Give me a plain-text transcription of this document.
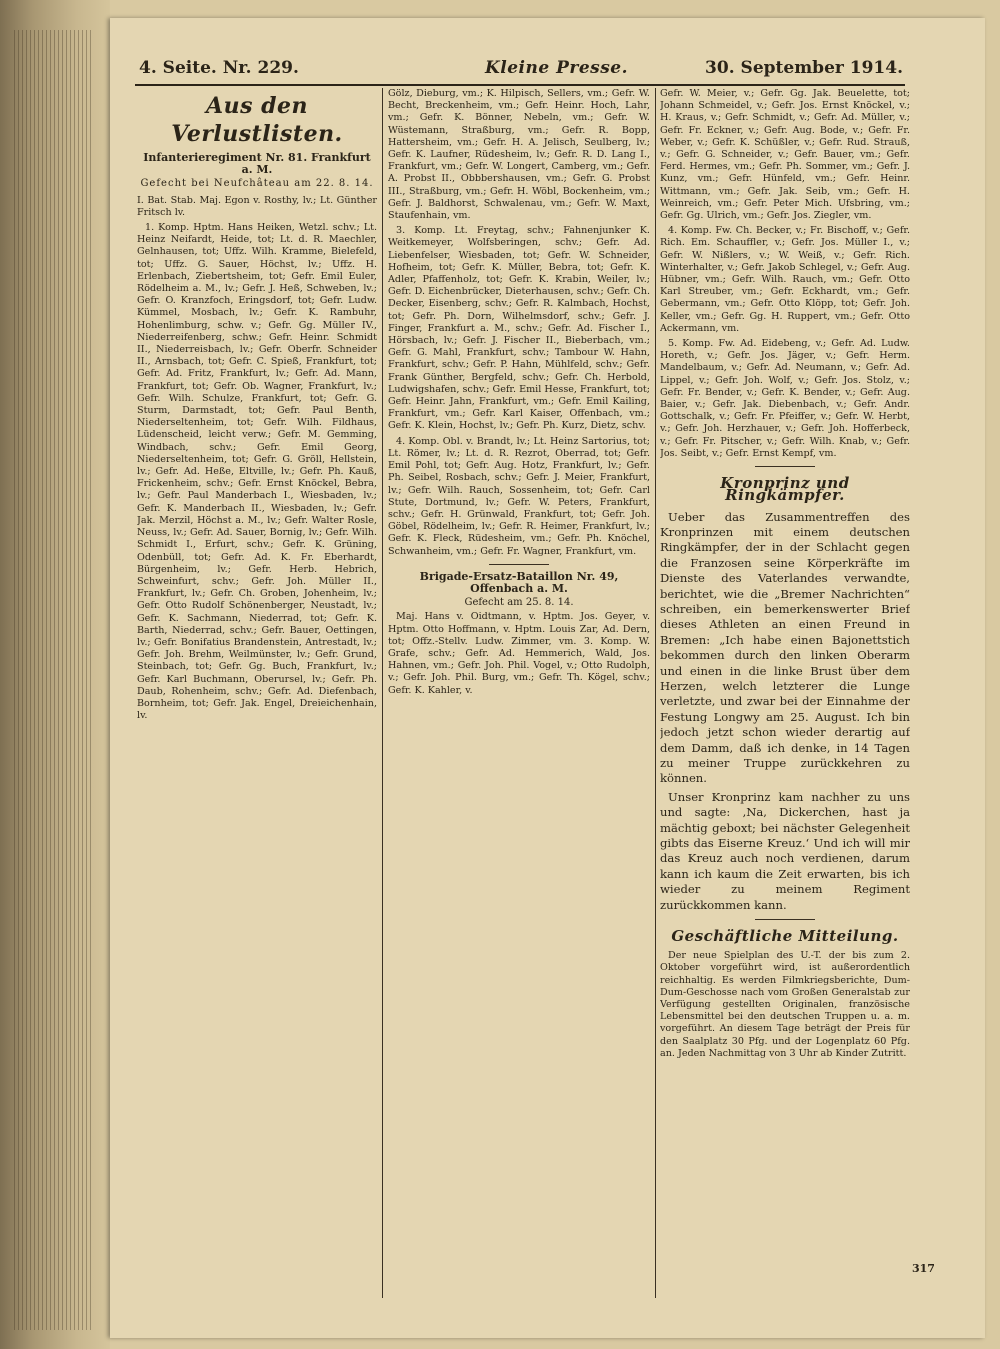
4. Seite. Nr. 229.	Kleine Presse.	30. September 1914.
Aus den Verlustlisten.
Infanterieregiment Nr. 81. Frankfurt a. M.
Gefecht bei Neufchâteau am 22. 8. 14.

I. Bat. Stab. Maj. Egon v. Rosthy, lv.; Lt. Günther Fritsch lv.

1. Komp. Hptm. Hans Heiken, Wetzl. schv.; Lt. Heinz Neifardt, Heide, tot; Lt. d. R. Maechler, Gelnhausen, tot; Uffz. Wilh. Kramme, Bielefeld, tot; Uffz. G. Sauer, Höchst, lv.; Uffz. H. Erlenbach, Ziebertsheim, tot; Gefr. Emil Euler, Rödelheim a. M., lv.; Gefr. J. Heß, Schweben, lv.; Gefr. O. Kranzfoch, Eringsdorf, tot; Gefr. Ludw. Kümmel, Mosbach, lv.; Gefr. K. Rambuhr, Hohenlimburg, schw. v.; Gefr. Gg. Müller IV., Niederreifenberg, schw.; Gefr. Heinr. Schmidt II., Niederreisbach, lv.; Gefr. Oberfr. Schneider II., Arnsbach, tot; Gefr. C. Spieß, Frankfurt, tot; Gefr. Ad. Fritz, Frankfurt, lv.; Gefr. Ad. Mann, Frankfurt, tot; Gefr. Ob. Wagner, Frankfurt, lv.; Gefr. Wilh. Schulze, Frankfurt, tot; Gefr. G. Sturm, Darmstadt, tot; Gefr. Paul Benth, Niederseltenheim, tot; Gefr. Wilh. Fildhaus, Lüdenscheid, leicht verw.; Gefr. M. Gemming, Windbach, schv.; Gefr. Emil Georg, Niederseltenheim, tot; Gefr. G. Gröll, Hellstein, lv.; Gefr. Ad. Heße, Eltville, lv.; Gefr. Ph. Kauß, Frickenheim, schv.; Gefr. Ernst Knöckel, Bebra, lv.; Gefr. Paul Manderbach I., Wiesbaden, lv.; Gefr. K. Manderbach II., Wiesbaden, lv.; Gefr. Jak. Merzil, Höchst a. M., lv.; Gefr. Walter Rosle, Neuss, lv.; Gefr. Ad. Sauer, Bornig, lv.; Gefr. Wilh. Schmidt I., Erfurt, schv.; Gefr. K. Grüning, Odenbüll, tot; Gefr. Ad. K. Fr. Eberhardt, Bürgenheim, lv.; Gefr. Herb. Hebrich, Schweinfurt, schv.; Gefr. Joh. Müller II., Frankfurt, lv.; Gefr. Ch. Groben, Johenheim, lv.; Gefr. Otto Rudolf Schönenberger, Neustadt, lv.; Gefr. K. Sachmann, Niederrad, tot; Gefr. K. Barth, Niederrad, schv.; Gefr. Bauer, Oettingen, lv.; Gefr. Bonifatius Brandenstein, Antrestadt, lv.; Gefr. Joh. Brehm, Weilmünster, lv.; Gefr. Grund, Steinbach, tot; Gefr. Gg. Buch, Frankfurt, lv.; Gefr. Karl Buchmann, Oberursel, lv.; Gefr. Ph. Daub, Rohenheim, schv.; Gefr. Ad. Diefenbach, Bornheim, tot; Gefr. Jak. Engel, Dreieichenhain, lv.

Gölz, Dieburg, vm.; K. Hilpisch, Sellers, vm.; Gefr. W. Becht, Breckenheim, vm.; Gefr. Heinr. Hoch, Lahr, vm.; Gefr. K. Bönner, Nebeln, vm.; Gefr. W. Wüstemann, Straßburg, vm.; Gefr. R. Bopp, Hattersheim, vm.; Gefr. H. A. Jelisch, Seulberg, lv.; Gefr. K. Laufner, Rüdesheim, lv.; Gefr. R. D. Lang I., Frankfurt, vm.; Gefr. W. Longert, Camberg, vm.; Gefr. A. Probst II., Obbbershausen, vm.; Gefr. G. Probst III., Straßburg, vm.; Gefr. H. Wöbl, Bockenheim, vm.; Gefr. J. Baldhorst, Schwalenau, vm.; Gefr. W. Maxt, Staufenhain, vm.

3. Komp. Lt. Freytag, schv.; Fahnenjunker K. Weitkemeyer, Wolfsberingen, schv.; Gefr. Ad. Liebenfelser, Wiesbaden, tot; Gefr. W. Schneider, Hofheim, tot; Gefr. K. Müller, Bebra, tot; Gefr. K. Adler, Pfaffenholz, tot; Gefr. K. Krabin, Weiler, lv.; Gefr. D. Eichenbrücker, Dieterhausen, schv.; Gefr. Ch. Decker, Eisenberg, schv.; Gefr. R. Kalmbach, Hochst, tot; Gefr. Ph. Dorn, Wilhelmsdorf, schv.; Gefr. J. Finger, Frankfurt a. M., schv.; Gefr. Ad. Fischer I., Hörsbach, lv.; Gefr. J. Fischer II., Bieberbach, vm.; Gefr. G. Mahl, Frankfurt, schv.; Tambour W. Hahn, Frankfurt, schv.; Gefr. P. Hahn, Mühlfeld, schv.; Gefr. Frank Günther, Bergfeld, schv.; Gefr. Ch. Herbold, Ludwigshafen, schv.; Gefr. Emil Hesse, Frankfurt, tot; Gefr. Heinr. Jahn, Frankfurt, vm.; Gefr. Emil Kailing, Frankfurt, vm.; Gefr. Karl Kaiser, Offenbach, vm.; Gefr. K. Klein, Hochst, lv.; Gefr. Ph. Kurz, Dietz, schv.

4. Komp. Obl. v. Brandt, lv.; Lt. Heinz Sartorius, tot; Lt. Römer, lv.; Lt. d. R. Rezrot, Oberrad, tot; Gefr. Emil Pohl, tot; Gefr. Aug. Hotz, Frankfurt, lv.; Gefr. Ph. Seibel, Rosbach, schv.; Gefr. J. Meier, Frankfurt, lv.; Gefr. Wilh. Rauch, Sossenheim, tot; Gefr. Carl Stute, Dortmund, lv.; Gefr. W. Peters, Frankfurt, schv.; Gefr. H. Grünwald, Frankfurt, tot; Gefr. Joh. Göbel, Rödelheim, lv.; Gefr. R. Heimer, Frankfurt, lv.; Gefr. K. Fleck, Rüdesheim, vm.; Gefr. Ph. Knöchel, Schwanheim, vm.; Gefr. Fr. Wagner, Frankfurt, vm.

Brigade-Ersatz-Bataillon Nr. 49, Offenbach a. M.
Gefecht am 25. 8. 14.

Maj. Hans v. Oidtmann, v. Hptm. Jos. Geyer, v. Hptm. Otto Hoffmann, v. Hptm. Louis Zar, Ad. Dern, tot; Offz.-Stellv. Ludw. Zimmer, vm. 3. Komp. W. Grafe, schv.; Gefr. Ad. Hemmerich, Wald, Jos. Hahnen, vm.; Gefr. Joh. Phil. Vogel, v.; Otto Rudolph, v.; Gefr. Joh. Phil. Burg, vm.; Gefr. Th. Kögel, schv.; Gefr. K. Kahler, v.

Gefr. W. Meier, v.; Gefr. Gg. Jak. Beuelette, tot; Johann Schmeidel, v.; Gefr. Jos. Ernst Knöckel, v.; H. Kraus, v.; Gefr. Schmidt, v.; Gefr. Ad. Müller, v.; Gefr. Fr. Eckner, v.; Gefr. Aug. Bode, v.; Gefr. Fr. Weber, v.; Gefr. K. Schüßler, v.; Gefr. Rud. Strauß, v.; Gefr. G. Schneider, v.; Gefr. Bauer, vm.; Gefr. Ferd. Hermes, vm.; Gefr. Ph. Sommer, vm.; Gefr. J. Kunz, vm.; Gefr. Hünfeld, vm.; Gefr. Heinr. Wittmann, vm.; Gefr. Jak. Seib, vm.; Gefr. H. Weinreich, vm.; Gefr. Peter Mich. Ufsbring, vm.; Gefr. Gg. Ulrich, vm.; Gefr. Jos. Ziegler, vm.

4. Komp. Fw. Ch. Becker, v.; Fr. Bischoff, v.; Gefr. Rich. Em. Schauffler, v.; Gefr. Jos. Müller I., v.; Gefr. W. Nißlers, v.; W. Weiß, v.; Gefr. Rich. Winterhalter, v.; Gefr. Jakob Schlegel, v.; Gefr. Aug. Hübner, vm.; Gefr. Wilh. Rauch, vm.; Gefr. Otto Karl Streuber, vm.; Gefr. Eckhardt, vm.; Gefr. Gebermann, vm.; Gefr. Otto Klöpp, tot; Gefr. Joh. Keller, vm.; Gefr. Gg. H. Ruppert, vm.; Gefr. Otto Ackermann, vm.

5. Komp. Fw. Ad. Eidebeng, v.; Gefr. Ad. Ludw. Horeth, v.; Gefr. Jos. Jäger, v.; Gefr. Herm. Mandelbaum, v.; Gefr. Ad. Neumann, v.; Gefr. Ad. Lippel, v.; Gefr. Joh. Wolf, v.; Gefr. Jos. Stolz, v.; Gefr. Fr. Bender, v.; Gefr. K. Bender, v.; Gefr. Aug. Baier, v.; Gefr. Jak. Diebenbach, v.; Gefr. Andr. Gottschalk, v.; Gefr. Fr. Pfeiffer, v.; Gefr. W. Herbt, v.; Gefr. Joh. Herzhauer, v.; Gefr. Joh. Hofferbeck, v.; Gefr. Fr. Pitscher, v.; Gefr. Wilh. Knab, v.; Gefr. Jos. Seibt, v.; Gefr. Ernst Kempf, vm.

Kronprinz und Ringkämpfer.

Ueber das Zusammentreffen des Kronprinzen mit einem deutschen Ringkämpfer, der in der Schlacht gegen die Franzosen seine Körperkräfte im Dienste des Vaterlandes verwandte, berichtet, wie die „Bremer Nachrichten“ schreiben, ein bemerkenswerter Brief dieses Athleten an einen Freund in Bremen: „Ich habe einen Bajonettstich bekommen durch den linken Oberarm und einen in die linke Brust über dem Herzen, welch letzterer die Lunge verletzte, und zwar bei der Einnahme der Festung Longwy am 25. August. Ich bin jedoch jetzt schon wieder derartig auf dem Damm, daß ich denke, in 14 Tagen zu meiner Truppe zurückkehren zu können.

Unser Kronprinz kam nachher zu uns und sagte: ‚Na, Dickerchen, hast ja mächtig geboxt; bei nächster Gelegenheit gibts das Eiserne Kreuz.‘ Und ich will mir das Kreuz auch noch verdienen, darum kann ich kaum die Zeit erwarten, bis ich wieder zu meinem Regiment zurückkommen kann.

Geschäftliche Mitteilung.

Der neue Spielplan des U.-T. der bis zum 2. Oktober vorgeführt wird, ist außerordentlich reichhaltig. Es werden Filmkriegsberichte, Dum-Dum-Geschosse nach vom Großen Generalstab zur Verfügung gestellten Originalen, französische Lebensmittel bei den deutschen Truppen u. a. m. vorgeführt. An diesem Tage beträgt der Preis für den Saalplatz 30 Pfg. und der Logenplatz 60 Pfg. an. Jeden Nachmittag von 3 Uhr ab Kinder Zutritt.

317
